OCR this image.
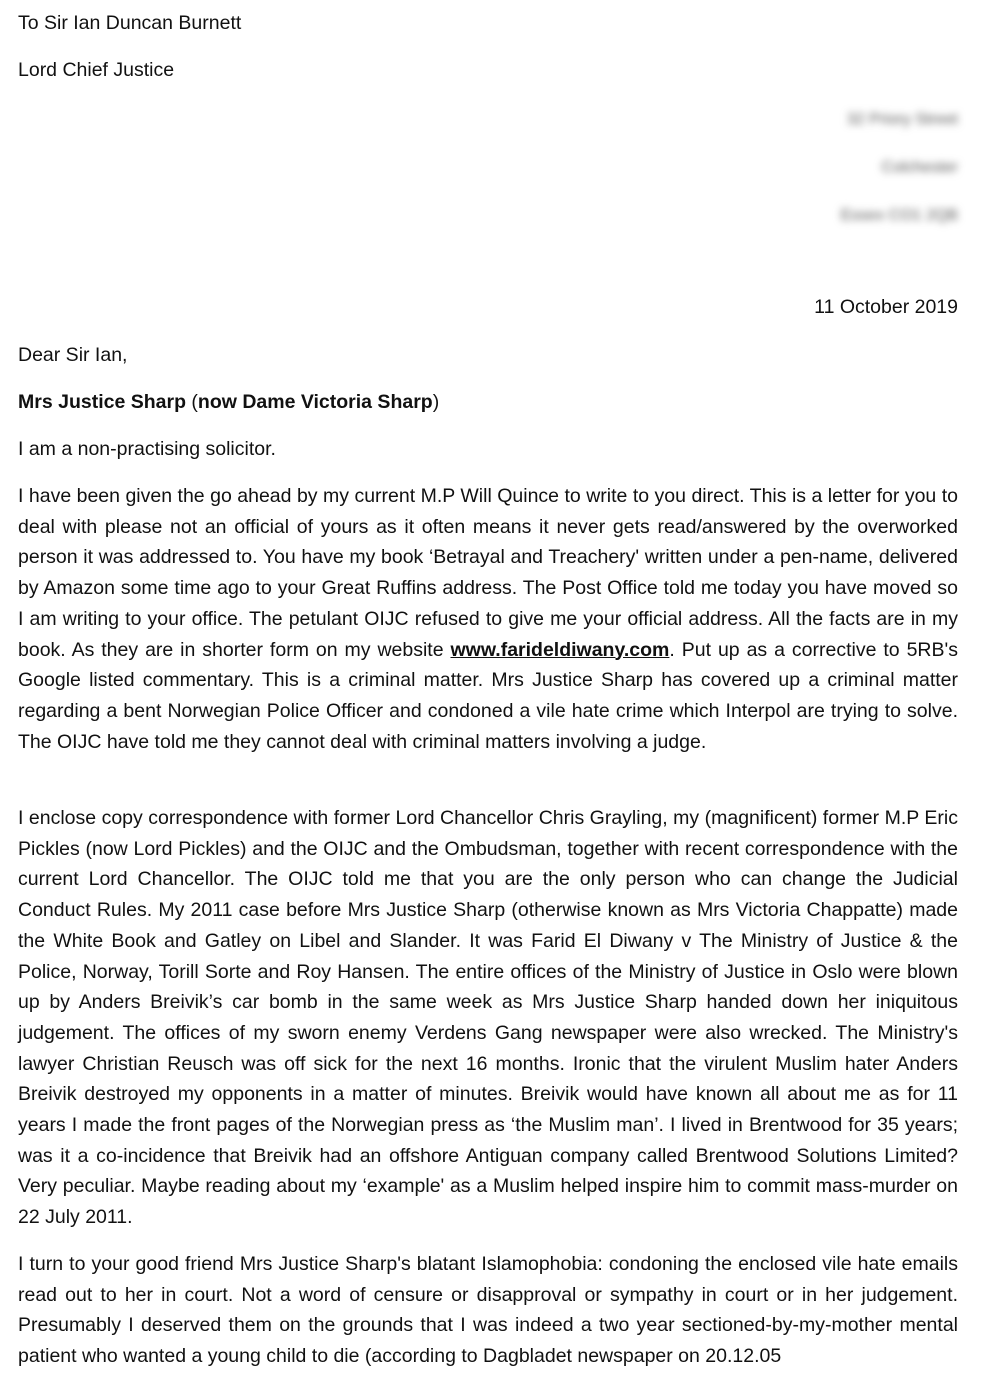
To Sir Ian Duncan Burnett

Lord Chief Justice

32 Priory Street
Colchester
Essex CO1 2QB

11 October 2019

Dear Sir Ian,

Mrs Justice Sharp (now Dame Victoria Sharp)

I am a non-practising solicitor.

I have been given the go ahead by my current M.P Will Quince to write to you direct. This is a letter for you to deal with please not an official of yours as it often means it never gets read/answered by the overworked person it was addressed to. You have my book ‘Betrayal and Treachery' written under a pen-name, delivered by Amazon some time ago to your Great Ruffins address. The Post Office told me today you have moved so I am writing to your office. The petulant OIJC refused to give me your official address. All the facts are in my book. As they are in shorter form on my website www.farideldiwany.com. Put up as a corrective to 5RB's Google listed commentary. This is a criminal matter. Mrs Justice Sharp has covered up a criminal matter regarding a bent Norwegian Police Officer and condoned a vile hate crime which Interpol are trying to solve. The OIJC have told me they cannot deal with criminal matters involving a judge.

I enclose copy correspondence with former Lord Chancellor Chris Grayling, my (magnificent) former M.P Eric Pickles (now Lord Pickles) and the OIJC and the Ombudsman, together with recent correspondence with the current Lord Chancellor. The OIJC told me that you are the only person who can change the Judicial Conduct Rules. My 2011 case before Mrs Justice Sharp (otherwise known as Mrs Victoria Chappatte) made the White Book and Gatley on Libel and Slander. It was Farid El Diwany v The Ministry of Justice & the Police, Norway, Torill Sorte and Roy Hansen. The entire offices of the Ministry of Justice in Oslo were blown up by Anders Breivik’s car bomb in the same week as Mrs Justice Sharp handed down her iniquitous judgement. The offices of my sworn enemy Verdens Gang newspaper were also wrecked. The Ministry's lawyer Christian Reusch was off sick for the next 16 months. Ironic that the virulent Muslim hater Anders Breivik destroyed my opponents in a matter of minutes. Breivik would have known all about me as for 11 years I made the front pages of the Norwegian press as ‘the Muslim man’. I lived in Brentwood for 35 years; was it a co-incidence that Breivik had an offshore Antiguan company called Brentwood Solutions Limited? Very peculiar. Maybe reading about my ‘example' as a Muslim helped inspire him to commit mass-murder on 22 July 2011.

I turn to your good friend Mrs Justice Sharp's blatant Islamophobia: condoning the enclosed vile hate emails read out to her in court. Not a word of censure or disapproval or sympathy in court or in her judgement. Presumably I deserved them on the grounds that I was indeed a two year sectioned-by-my-mother mental patient who wanted a young child to die (according to Dagbladet newspaper on 20.12.05
